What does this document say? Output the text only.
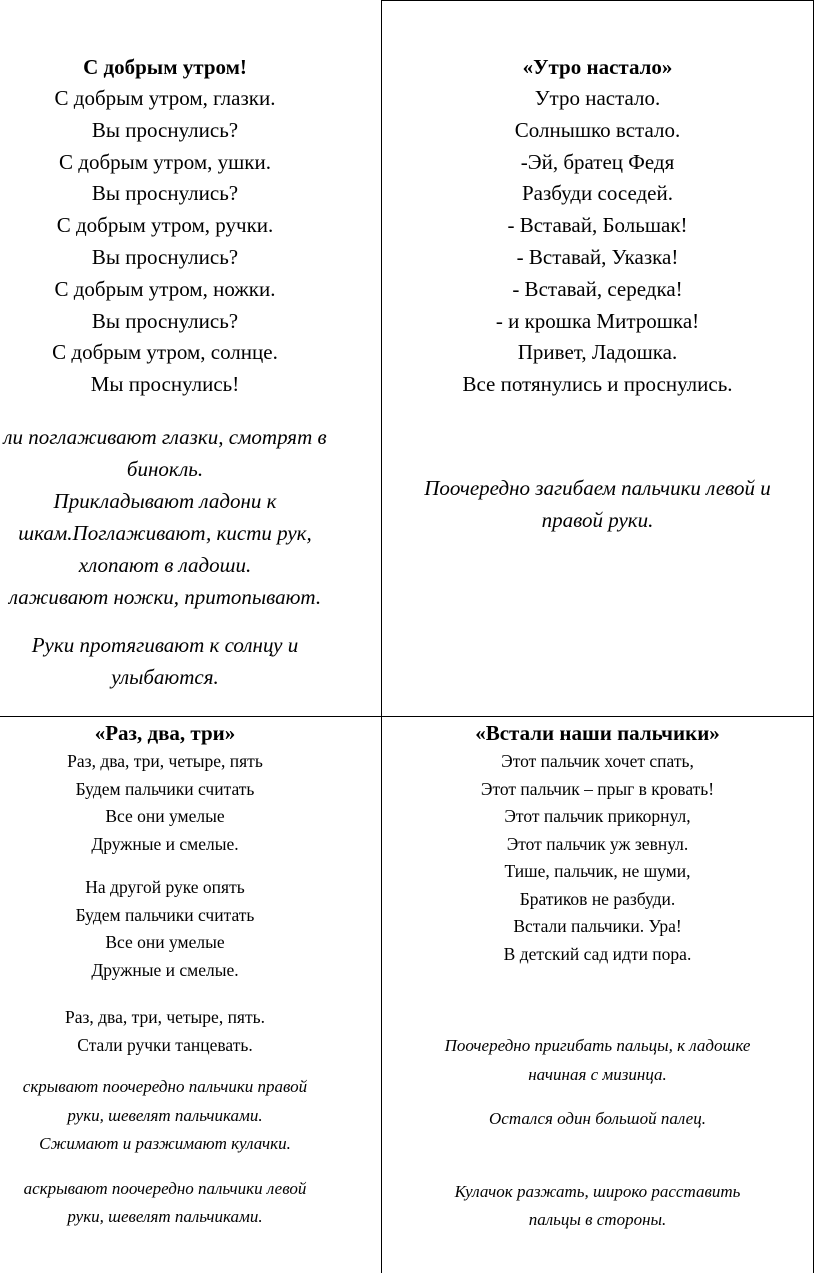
С добрым утром!

С добрым утром, глазки.

Вы проснулись?

С добрым утром, ушки.

Вы проснулись?

С добрым утром, ручки.

Вы проснулись?

С добрым утром, ножки.

Вы проснулись?

С добрым утром, солнце.

Мы проснулись!

ли поглаживают глазки, смотрят в

бинокль.

Прикладывают ладони к

шкам.Поглаживают, кисти рук,

хлопают в ладоши.

лаживают ножки, притопывают.

Руки протягивают к солнцу и

улыбаются.

«Утро настало»

Утро настало.

Солнышко встало.

-Эй, братец Федя

Разбуди соседей.

- Вставай, Большак!

- Вставай, Указка!

- Вставай, середка!

- и крошка Митрошка!

Привет, Ладошка.

Все потянулись и проснулись.

Поочередно загибаем пальчики левой и

правой руки.

«Раз, два, три»

Раз, два, три, четыре, пять

Будем пальчики считать

Все они умелые

Дружные и смелые.

На другой руке опять

Будем пальчики считать

Все они умелые

Дружные и смелые.

Раз, два, три, четыре, пять.

Стали ручки танцевать.

скрывают поочередно пальчики правой

руки, шевелят пальчиками.

Сжимают и разжимают кулачки.

аскрывают поочередно пальчики левой

руки, шевелят пальчиками.

«Встали наши пальчики»

Этот пальчик хочет спать,

Этот пальчик – прыг в кровать!

Этот пальчик прикорнул,

Этот пальчик уж зевнул.

Тише, пальчик, не шуми,

Братиков не разбуди.

Встали пальчики. Ура!

В детский сад идти пора.

Поочередно пригибать пальцы, к ладошке

начиная с мизинца.

Остался один большой палец.

Кулачок разжать, широко расставить

пальцы в стороны.
